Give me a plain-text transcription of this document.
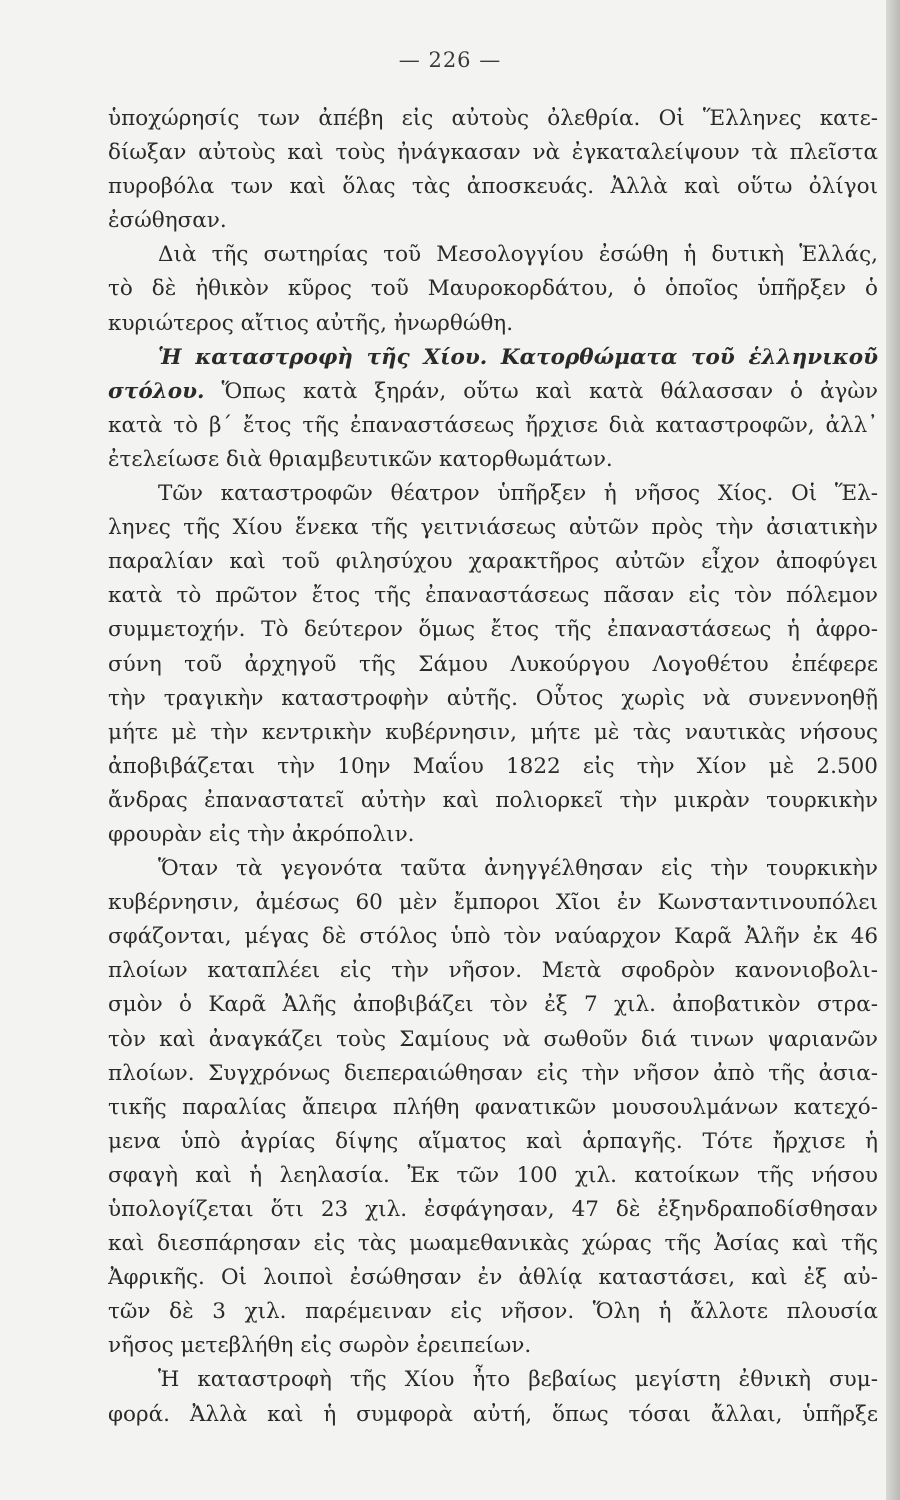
— 226 —
ὑποχώρησίς των ἀπέβη εἰς αὐτοὺς ὀλεθρία. Οἱ Ἕλληνες κατε-
δίωξαν αὐτοὺς καὶ τοὺς ἠνάγκασαν νὰ ἐγκαταλείψουν τὰ πλεῖστα
πυροβόλα των καὶ ὅλας τὰς ἀποσκευάς. Ἀλλὰ καὶ οὕτω ὀλίγοι
ἐσώθησαν.
Διὰ τῆς σωτηρίας τοῦ Μεσολογγίου ἐσώθη ἡ δυτικὴ Ἑλλάς,
τὸ δὲ ἠθικὸν κῦρος τοῦ Μαυροκορδάτου, ὁ ὁποῖος ὑπῆρξεν ὁ
κυριώτερος αἴτιος αὐτῆς, ἠνωρθώθη.
Ἡ καταστροφὴ τῆς Χίου. Κατορθώματα τοῦ ἑλληνικοῦ
στόλου. Ὅπως κατὰ ξηράν, οὕτω καὶ κατὰ θάλασσαν ὁ ἀγὼν
κατὰ τὸ β΄ ἔτος τῆς ἐπαναστάσεως ἤρχισε διὰ καταστροφῶν, ἀλλ᾽
ἐτελείωσε διὰ θριαμβευτικῶν κατορθωμάτων.
Τῶν καταστροφῶν θέατρον ὑπῆρξεν ἡ νῆσος Χίος. Οἱ Ἕλ-
ληνες τῆς Χίου ἕνεκα τῆς γειτνιάσεως αὐτῶν πρὸς τὴν ἀσιατικὴν
παραλίαν καὶ τοῦ φιλησύχου χαρακτῆρος αὐτῶν εἶχον ἀποφύγει
κατὰ τὸ πρῶτον ἔτος τῆς ἐπαναστάσεως πᾶσαν εἰς τὸν πόλεμον
συμμετοχήν. Τὸ δεύτερον ὅμως ἔτος τῆς ἐπαναστάσεως ἡ ἀφρο-
σύνη τοῦ ἀρχηγοῦ τῆς Σάμου Λυκούργου Λογοθέτου ἐπέφερε
τὴν τραγικὴν καταστροφὴν αὐτῆς. Οὗτος χωρὶς νὰ συνεννοηθῇ
μήτε μὲ τὴν κεντρικὴν κυβέρνησιν, μήτε μὲ τὰς ναυτικὰς νήσους
ἀποβιβάζεται τὴν 10ην Μαΐου 1822 εἰς τὴν Χίον μὲ 2.500
ἄνδρας ἐπαναστατεῖ αὐτὴν καὶ πολιορκεῖ τὴν μικρὰν τουρκικὴν
φρουρὰν εἰς τὴν ἀκρόπολιν.
Ὅταν τὰ γεγονότα ταῦτα ἀνηγγέλθησαν εἰς τὴν τουρκικὴν
κυβέρνησιν, ἀμέσως 60 μὲν ἔμποροι Χῖοι ἐν Κωνσταντινουπόλει
σφάζονται, μέγας δὲ στόλος ὑπὸ τὸν ναύαρχον Καρᾶ Ἀλῆν ἐκ 46
πλοίων καταπλέει εἰς τὴν νῆσον. Μετὰ σφοδρὸν κανονιοβολι-
σμὸν ὁ Καρᾶ Ἀλῆς ἀποβιβάζει τὸν ἐξ 7 χιλ. ἀποβατικὸν στρα-
τὸν καὶ ἀναγκάζει τοὺς Σαμίους νὰ σωθοῦν διά τινων ψαριανῶν
πλοίων. Συγχρόνως διεπεραιώθησαν εἰς τὴν νῆσον ἀπὸ τῆς ἀσια-
τικῆς παραλίας ἄπειρα πλήθη φανατικῶν μουσουλμάνων κατεχό-
μενα ὑπὸ ἀγρίας δίψης αἵματος καὶ ἁρπαγῆς. Τότε ἤρχισε ἡ
σφαγὴ καὶ ἡ λεηλασία. Ἐκ τῶν 100 χιλ. κατοίκων τῆς νήσου
ὑπολογίζεται ὅτι 23 χιλ. ἐσφάγησαν, 47 δὲ ἐξηνδραποδίσθησαν
καὶ διεσπάρησαν εἰς τὰς μωαμεθανικὰς χώρας τῆς Ἀσίας καὶ τῆς
Ἀφρικῆς. Οἱ λοιποὶ ἐσώθησαν ἐν ἀθλίᾳ καταστάσει, καὶ ἐξ αὐ-
τῶν δὲ 3 χιλ. παρέμειναν εἰς νῆσον. Ὅλη ἡ ἄλλοτε πλουσία
νῆσος μετεβλήθη εἰς σωρὸν ἐρειπείων.
Ἡ καταστροφὴ τῆς Χίου ἦτο βεβαίως μεγίστη ἐθνικὴ συμ-
φορά. Ἀλλὰ καὶ ἡ συμφορὰ αὐτή, ὅπως τόσαι ἄλλαι, ὑπῆρξε
